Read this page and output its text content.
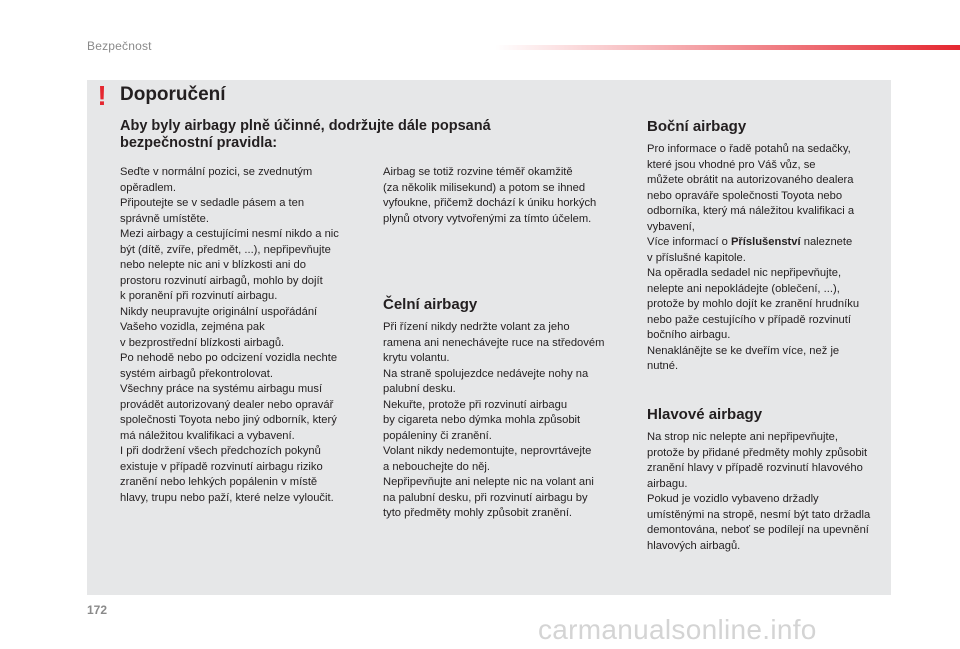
Bezpečnost
! Doporučení
Aby byly airbagy plně účinné, dodržujte dále popsaná
bezpečnostní pravidla:

Seďte v normální pozici, se zvednutým

opěradlem.

Připoutejte se v sedadle pásem a ten

správně umístěte.

Mezi airbagy a cestujícími nesmí nikdo a nic

být (dítě, zvíře, předmět, ...), nepřipevňujte

nebo nelepte nic ani v blízkosti ani do

prostoru rozvinutí airbagů, mohlo by dojít

k poranění při rozvinutí airbagu.

Nikdy neupravujte originální uspořádání

Vašeho vozidla, zejména pak

v bezprostřední blízkosti airbagů.

Po nehodě nebo po odcizení vozidla nechte

systém airbagů překontrolovat.

Všechny práce na systému airbagu musí

provádět autorizovaný dealer nebo opravář

společnosti Toyota nebo jiný odborník, který

má náležitou kvalifikaci a vybavení.

I při dodržení všech předchozích pokynů

existuje v případě rozvinutí airbagu riziko

zranění nebo lehkých popálenin v místě

hlavy, trupu nebo paží, které nelze vyloučit.

Airbag se totiž rozvine téměř okamžitě

(za několik milisekund) a potom se ihned

vyfoukne, přičemž dochází k úniku horkých

plynů otvory vytvořenými za tímto účelem.

Čelní airbagy

Při řízení nikdy nedržte volant za jeho

ramena ani nenechávejte ruce na středovém

krytu volantu.

Na straně spolujezdce nedávejte nohy na

palubní desku.

Nekuřte, protože při rozvinutí airbagu

by cigareta nebo dýmka mohla způsobit

popáleniny či zranění.

Volant nikdy nedemontujte, neprovrtávejte

a nebouchejte do něj.

Nepřipevňujte ani nelepte nic na volant ani

na palubní desku, při rozvinutí airbagu by

tyto předměty mohly způsobit zranění.

Boční airbagy

Pro informace o řadě potahů na sedačky,

které jsou vhodné pro Váš vůz, se

můžete obrátit na autorizovaného dealera

nebo opraváře společnosti Toyota nebo

odborníka, který má náležitou kvalifikaci a

vybavení,

Více informací o Příslušenství naleznete

v příslušné kapitole.

Na opěradla sedadel nic nepřipevňujte,

nelepte ani nepokládejte (oblečení, ...),

protože by mohlo dojít ke zranění hrudníku

nebo paže cestujícího v případě rozvinutí

bočního airbagu.

Nenaklánějte se ke dveřím více, než je

nutné.

Hlavové airbagy

Na strop nic nelepte ani nepřipevňujte,

protože by přidané předměty mohly způsobit

zranění hlavy v případě rozvinutí hlavového

airbagu.

Pokud je vozidlo vybaveno držadly

umístěnými na stropě, nesmí být tato držadla

demontována, neboť se podílejí na upevnění

hlavových airbagů.

172
carmanualsonline.info
